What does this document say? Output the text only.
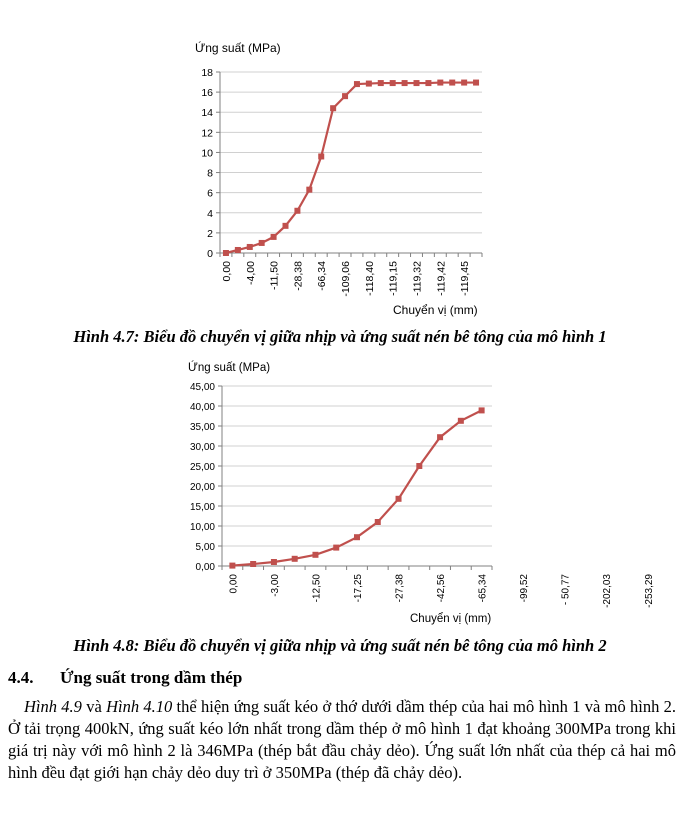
Ứng suất (MPa)
0
2
4
6
8
10
12
14
16
18
0,00 -4,00 -11,50 -28,38 -66,34 -109,06 -118,40 -119,15 -119,32 -119,42 -119,45
Chuyển vị (mm)
Hình 4.7: Biểu đồ chuyển vị giữa nhịp và ứng suất nén bê tông của mô hình 1
Ứng suất (MPa)
0,00
5,00
10,00
15,00
20,00
25,00
30,00
35,00
40,00
45,00
0,00	-3,00	-12,50	-17,25	-27,38	-42,56	-65,34	-99,52	- 50,77	-202,03	-253,29
Chuyển vị (mm)
Hình 4.8: Biểu đồ chuyển vị giữa nhịp và ứng suất nén bê tông của mô hình 2
4.4. Ứng suất trong dầm thép
Hình 4.9 và Hình 4.10 thể hiện ứng suất kéo ở thớ dưới dầm thép của hai mô hình 1 và mô hình 2. Ở tải trọng 400kN, ứng suất kéo lớn nhất trong dầm thép ở mô hình 1 đạt khoảng 300MPa trong khi giá trị này với mô hình 2 là 346MPa (thép bắt đầu chảy dẻo). Ứng suất lớn nhất của thép cả hai mô hình đều đạt giới hạn chảy dẻo duy trì ở 350MPa (thép đã chảy dẻo).
